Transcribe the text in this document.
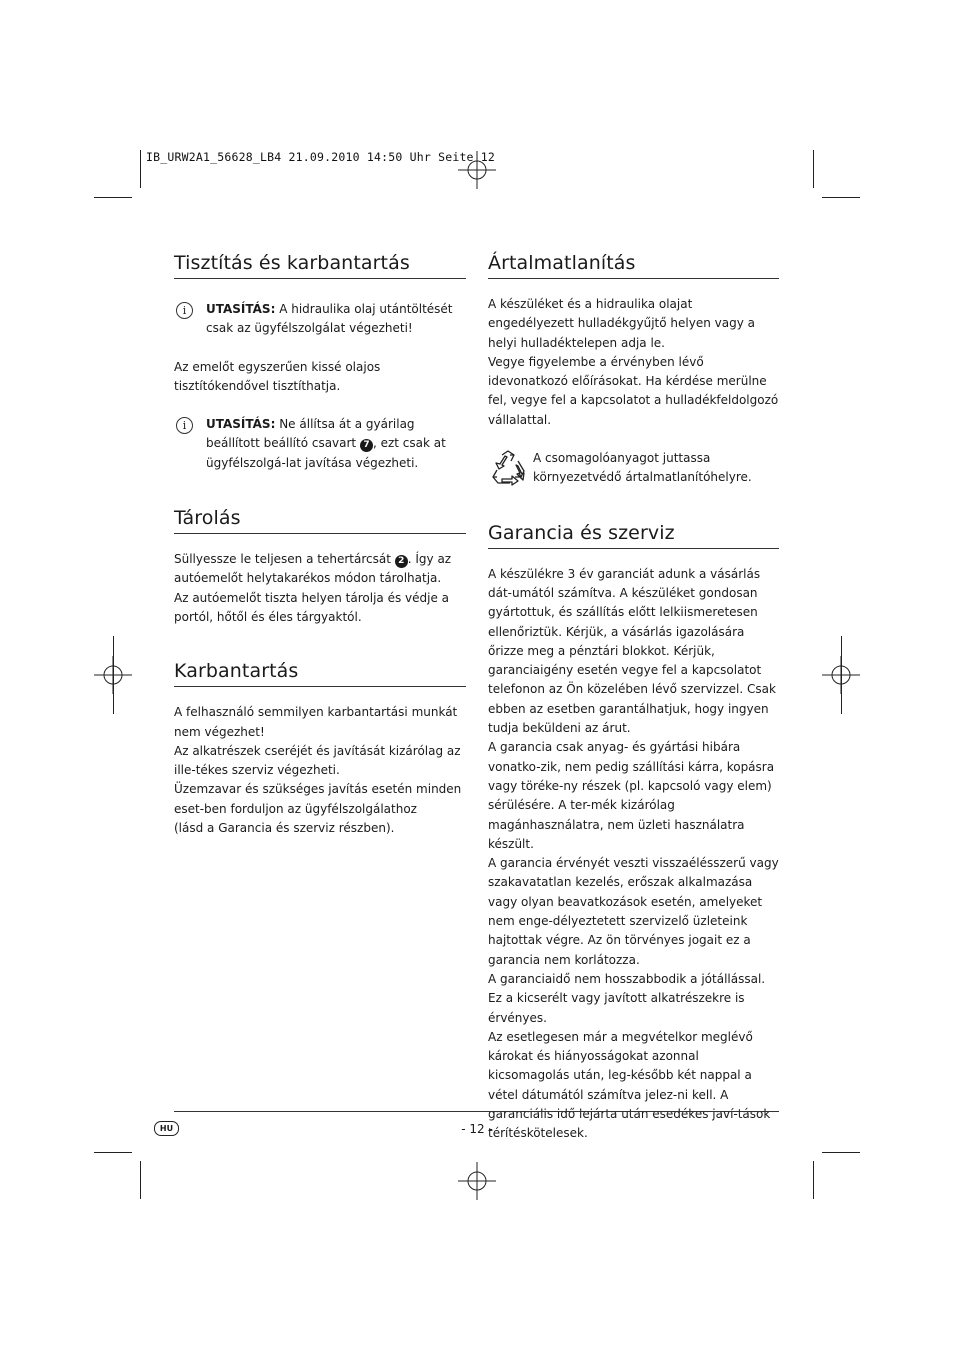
IB_URW2A1_56628_LB4 21.09.2010 14:50 Uhr Seite 12
Tisztítás és karbantartás
i	UTASÍTÁS: A hidraulika olaj utántöltését csak az ügyfélszolgálat végezheti!

Az emelőt egyszerűen kissé olajos tisztítókendővel tisztíthatja.

i	UTASÍTÁS: Ne állítsa át a gyárilag beállított beállító csavart 7 , ezt csak at ügyfélszolgá-lat javítása végezheti.

Tárolás

Süllyessze le teljesen a tehertárcsát 2 . Így az autóemelőt helytakarékos módon tárolhatja.

Az autóemelőt tiszta helyen tárolja és védje a portól, hőtől és éles tárgyaktól.

Karbantartás

A felhasználó semmilyen karbantartási munkát nem végezhet!

Az alkatrészek cseréjét és javítását kizárólag az ille-tékes szerviz végezheti.

Üzemzavar és szükséges javítás esetén minden eset-ben forduljon az ügyfélszolgálathoz

(lásd a Garancia és szerviz részben).

Ártalmatlanítás

A készüléket és a hidraulika olajat engedélyezett hulladékgyűjtő helyen vagy a helyi hulladéktelepen adja le.

Vegye figyelembe a érvényben lévő idevonatkozó előírásokat. Ha kérdése merülne fel, vegye fel a kapcsolatot a hulladékfeldolgozó vállalattal.

A csomagolóanyagot juttassa környezetvédő ártalmatlanítóhelyre.

Garancia és szerviz

A készülékre 3 év garanciát adunk a vásárlás dát-umától számítva. A készüléket gondosan gyártottuk, és szállítás előtt lelkiismeretesen ellenőriztük. Kérjük, a vásárlás igazolására őrizze meg a pénztári blokkot. Kérjük, garanciaigény esetén vegye fel a kapcsolatot telefonon az Ön közelében lévő szervizzel. Csak ebben az esetben garantálhatjuk, hogy ingyen tudja beküldeni az árut.

A garancia csak anyag- és gyártási hibára vonatko-zik, nem pedig szállítási kárra, kopásra vagy töréke-ny részek (pl. kapcsoló vagy elem) sérülésére. A ter-mék kizárólag magánhasználatra, nem üzleti használatra készült.

A garancia érvényét veszti visszaélésszerű vagy szakavatatlan kezelés, erőszak alkalmazása vagy olyan beavatkozások esetén, amelyeket nem enge-délyeztetett szervizelő üzleteink hajtottak végre. Az ön törvényes jogait ez a garancia nem korlátozza.

A garanciaidő nem hosszabbodik a jótállással. Ez a kicserélt vagy javított alkatrészekre is érvényes.

Az esetlegesen már a megvételkor meglévő károkat és hiányosságokat azonnal kicsomagolás után, leg-később két nappal a vétel dátumától számítva jelez-ni kell. A garanciális idő lejárta után esedékes javí-tások térítéskötelesek.

HU	- 12 -
